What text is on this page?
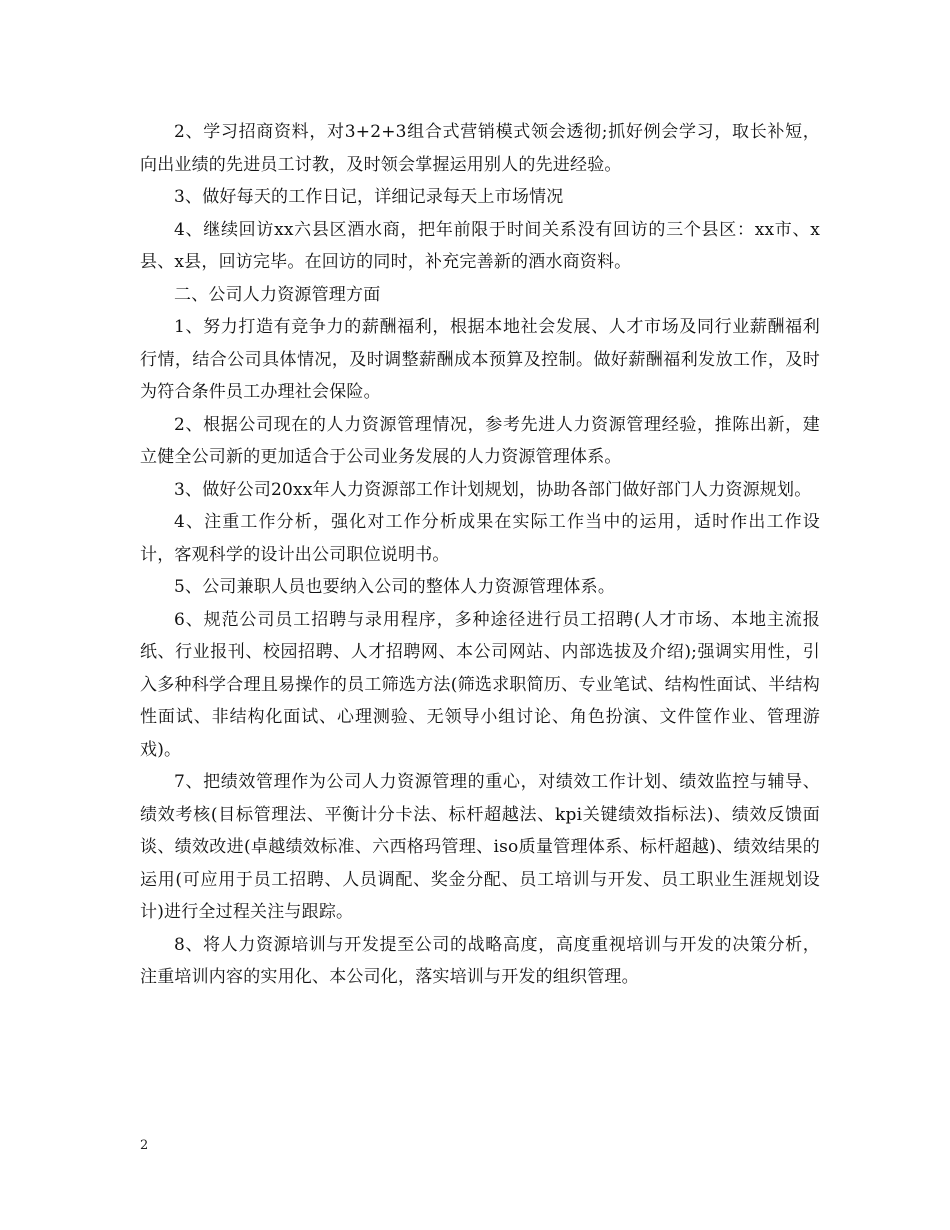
2、学习招商资料，对3+2+3组合式营销模式领会透彻;抓好例会学习，取长补短，向出业绩的先进员工讨教，及时领会掌握运用别人的先进经验。

3、做好每天的工作日记，详细记录每天上市场情况

4、继续回访xx六县区酒水商，把年前限于时间关系没有回访的三个县区：xx市、x县、x县，回访完毕。在回访的同时，补充完善新的酒水商资料。

二、公司人力资源管理方面

1、努力打造有竞争力的薪酬福利，根据本地社会发展、人才市场及同行业薪酬福利行情，结合公司具体情况，及时调整薪酬成本预算及控制。做好薪酬福利发放工作，及时为符合条件员工办理社会保险。

2、根据公司现在的人力资源管理情况，参考先进人力资源管理经验，推陈出新，建立健全公司新的更加适合于公司业务发展的人力资源管理体系。

3、做好公司20xx年人力资源部工作计划规划，协助各部门做好部门人力资源规划。

4、注重工作分析，强化对工作分析成果在实际工作当中的运用，适时作出工作设计，客观科学的设计出公司职位说明书。

5、公司兼职人员也要纳入公司的整体人力资源管理体系。

6、规范公司员工招聘与录用程序，多种途径进行员工招聘(人才市场、本地主流报纸、行业报刊、校园招聘、人才招聘网、本公司网站、内部选拔及介绍);强调实用性，引入多种科学合理且易操作的员工筛选方法(筛选求职简历、专业笔试、结构性面试、半结构性面试、非结构化面试、心理测验、无领导小组讨论、角色扮演、文件筐作业、管理游戏)。

7、把绩效管理作为公司人力资源管理的重心，对绩效工作计划、绩效监控与辅导、绩效考核(目标管理法、平衡计分卡法、标杆超越法、kpi关键绩效指标法)、绩效反馈面谈、绩效改进(卓越绩效标准、六西格玛管理、iso质量管理体系、标杆超越)、绩效结果的运用(可应用于员工招聘、人员调配、奖金分配、员工培训与开发、员工职业生涯规划设计)进行全过程关注与跟踪。

8、将人力资源培训与开发提至公司的战略高度，高度重视培训与开发的决策分析，注重培训内容的实用化、本公司化，落实培训与开发的组织管理。

2
